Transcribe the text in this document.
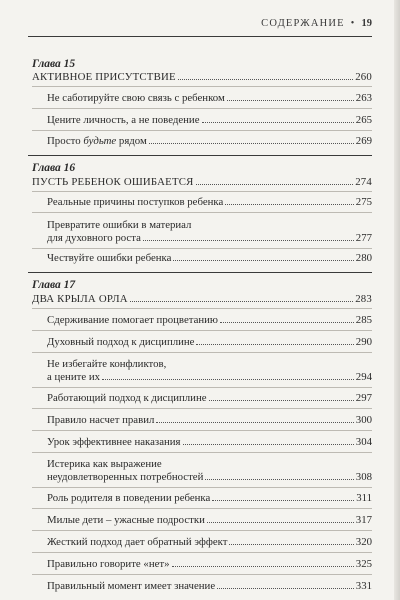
СОДЕРЖАНИЕ • 19
Глава 15
АКТИВНОЕ ПРИСУТСТВИЕ	260
Не саботируйте свою связь с ребенком	263
Цените личность, а не поведение	265
Просто будьте рядом	269
Глава 16
ПУСТЬ РЕБЕНОК ОШИБАЕТСЯ	274
Реальные причины поступков ребенка	275
Превратите ошибки в материал
для духовного роста	277
Чествуйте ошибки ребенка	280
Глава 17
ДВА КРЫЛА ОРЛА	283
Сдерживание помогает процветанию	285
Духовный подход к дисциплине	290
Не избегайте конфликтов,
а цените их	294
Работающий подход к дисциплине	297
Правило насчет правил	300
Урок эффективнее наказания	304
Истерика как выражение
неудовлетворенных потребностей	308
Роль родителя в поведении ребенка	311
Милые дети – ужасные подростки	317
Жесткий подход дает обратный эффект	320
Правильно говорите «нет»	325
Правильный момент имеет значение	331
